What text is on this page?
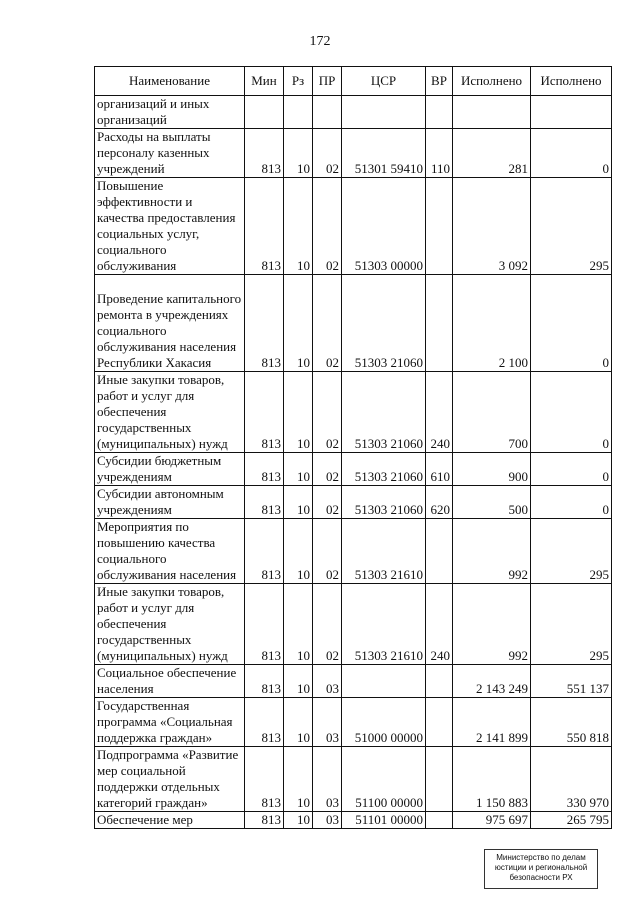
172
Наименование	Мин	Рз	ПР	ЦСР	ВР	Исполнено	Исполнено
организаций и иных организаций							
Расходы на выплаты персоналу казенных учреждений	813	10	02	51301 59410	110	281	0
Повышение эффективности и качества предоставления социальных услуг, социального обслуживания	813	10	02	51303 00000		3 092	295
Проведение капитального ремонта в учреждениях социального обслуживания населения Республики Хакасия	813	10	02	51303 21060		2 100	0
Иные закупки товаров, работ и услуг для обеспечения государственных (муниципальных) нужд	813	10	02	51303 21060	240	700	0
Субсидии бюджетным учреждениям	813	10	02	51303 21060	610	900	0
Субсидии автономным учреждениям	813	10	02	51303 21060	620	500	0
Мероприятия по повышению качества социального обслуживания населения	813	10	02	51303 21610		992	295
Иные закупки товаров, работ и услуг для обеспечения государственных (муниципальных) нужд	813	10	02	51303 21610	240	992	295
Социальное обеспечение населения	813	10	03			2 143 249	551 137
Государственная программа «Социальная поддержка граждан»	813	10	03	51000 00000		2 141 899	550 818
Подпрограмма «Развитие мер социальной поддержки отдельных категорий граждан»	813	10	03	51100 00000		1 150 883	330 970
Обеспечение мер	813	10	03	51101 00000		975 697	265 795
Министерство по делам юстиции и региональной безопасности РХ
